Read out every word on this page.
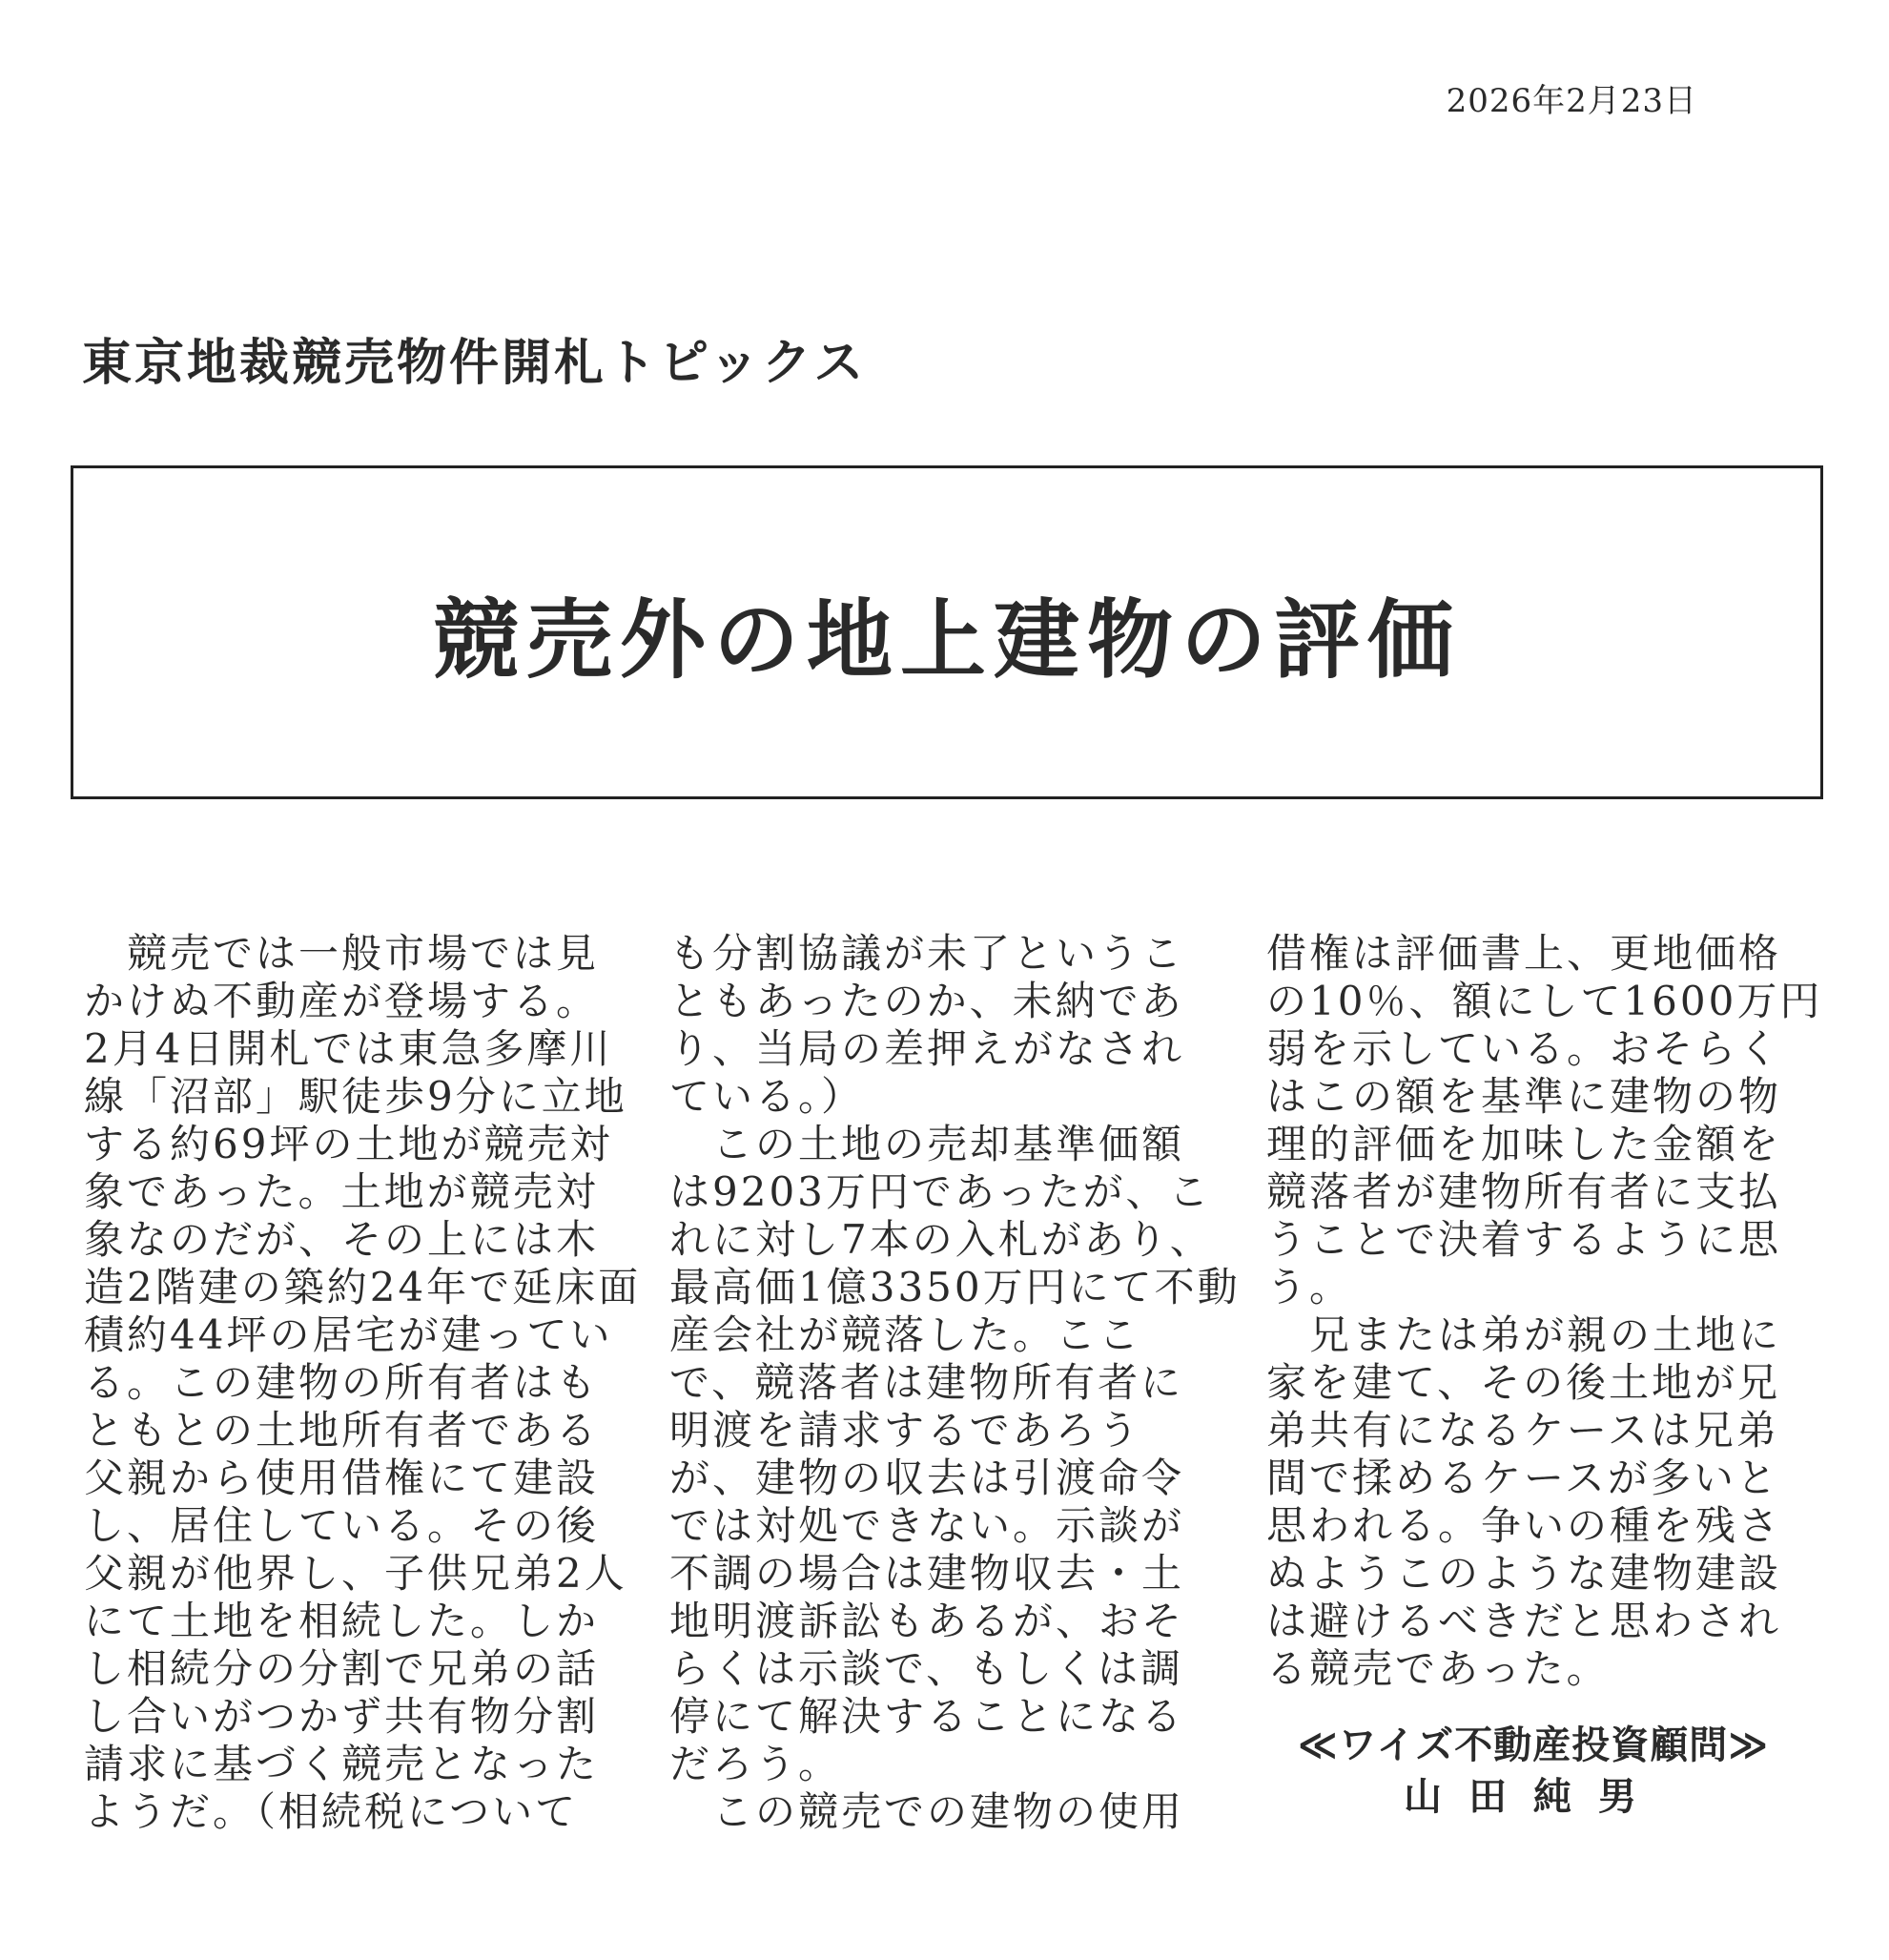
2026年2月23日
東京地裁競売物件開札トピックス
競売外の地上建物の評価

　競売では一般市場では見

かけぬ不動産が登場する。

2月4日開札では東急多摩川

線「沼部」駅徒歩9分に立地

する約69坪の土地が競売対

象であった。土地が競売対

象なのだが、その上には木

造2階建の築約24年で延床面

積約44坪の居宅が建ってい

る。この建物の所有者はも

ともとの土地所有者である

父親から使用借権にて建設

し、居住している。その後

父親が他界し、子供兄弟2人

にて土地を相続した。しか

し相続分の分割で兄弟の話

し合いがつかず共有物分割

請求に基づく競売となった

ようだ。（相続税について

も分割協議が未了というこ

ともあったのか、未納であ

り、当局の差押えがなされ

ている。）

　この土地の売却基準価額

は9203万円であったが、こ

れに対し7本の入札があり、

最高価1億3350万円にて不動

産会社が競落した。ここ

で、競落者は建物所有者に

明渡を請求するであろう

が、建物の収去は引渡命令

では対処できない。示談が

不調の場合は建物収去・土

地明渡訴訟もあるが、おそ

らくは示談で、もしくは調

停にて解決することになる

だろう。

　この競売での建物の使用

借権は評価書上、更地価格

の10％、額にして1600万円

弱を示している。おそらく

はこの額を基準に建物の物

理的評価を加味した金額を

競落者が建物所有者に支払

うことで決着するように思

う。

　兄または弟が親の土地に

家を建て、その後土地が兄

弟共有になるケースは兄弟

間で揉めるケースが多いと

思われる。争いの種を残さ

ぬようこのような建物建設

は避けるべきだと思わされ

る競売であった。

≪ワイズ不動産投資顧問≫
山田純男
